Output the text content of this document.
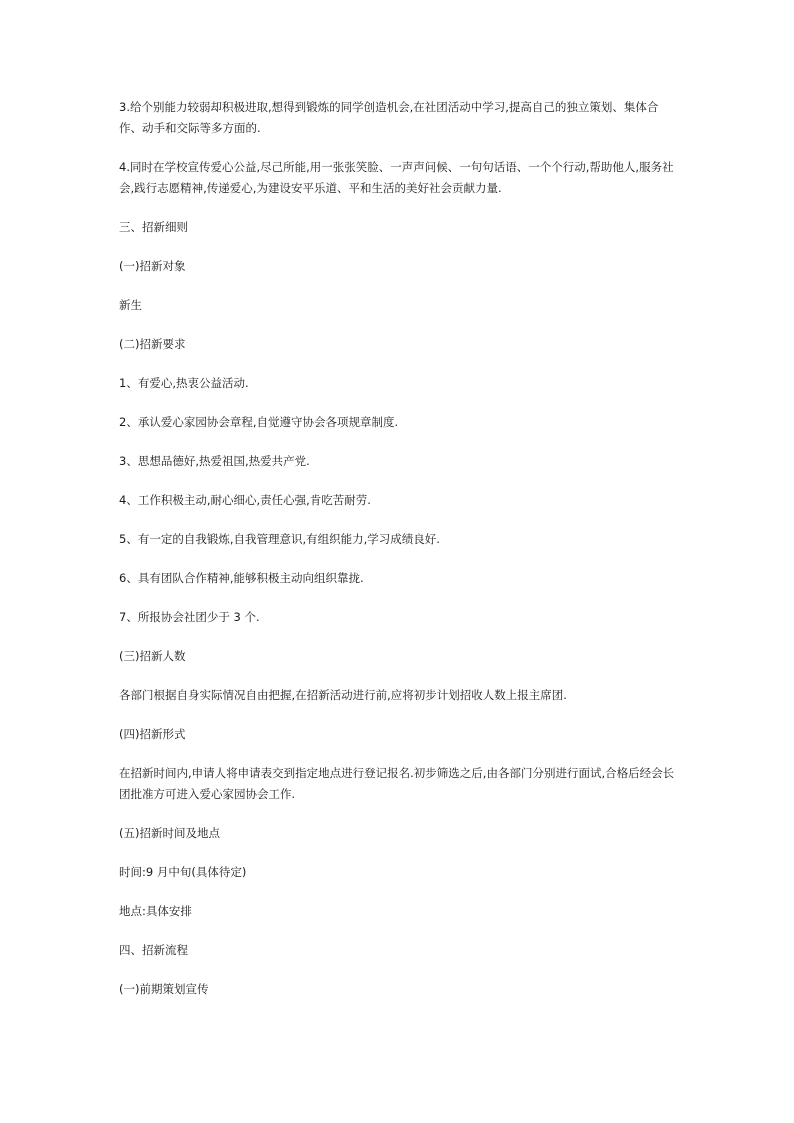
3.给个别能力较弱却积极进取,想得到锻炼的同学创造机会,在社团活动中学习,提高自己的独立策划、集体合作、动手和交际等多方面的.

4.同时在学校宣传爱心公益,尽己所能,用一张张笑脸、一声声问候、一句句话语、一个个行动,帮助他人,服务社会,践行志愿精神,传递爱心,为建设安平乐道、平和生活的美好社会贡献力量.

三、招新细则

(一)招新对象

新生

(二)招新要求

1、有爱心,热衷公益活动.

2、承认爱心家园协会章程,自觉遵守协会各项规章制度.

3、思想品德好,热爱祖国,热爱共产党.

4、工作积极主动,耐心细心,责任心强,肯吃苦耐劳.

5、有一定的自我锻炼,自我管理意识,有组织能力,学习成绩良好.

6、具有团队合作精神,能够积极主动向组织靠拢.

7、所报协会社团少于 3 个.

(三)招新人数

各部门根据自身实际情况自由把握,在招新活动进行前,应将初步计划招收人数上报主席团.

(四)招新形式

在招新时间内,申请人将申请表交到指定地点进行登记报名.初步筛选之后,由各部门分别进行面试,合格后经会长团批准方可进入爱心家园协会工作.

(五)招新时间及地点

时间:9 月中旬(具体待定)

地点:具体安排

四、招新流程

(一)前期策划宣传
